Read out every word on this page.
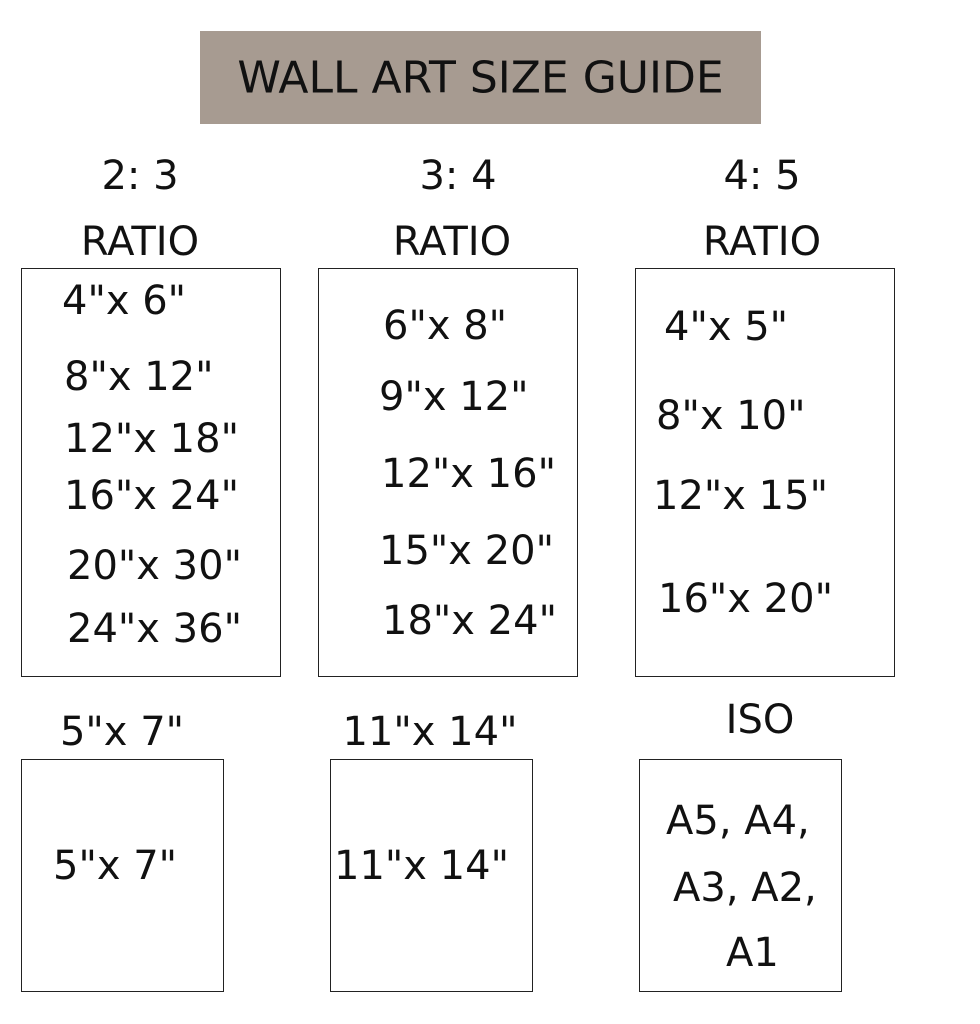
WALL ART SIZE GUIDE
2: 3
RATIO
4"x 6"
8"x 12"
12"x 18"
16"x 24"
20"x 30"
24"x 36"
3: 4
RATIO
6"x 8"
9"x 12"
12"x 16"
15"x 20"
18"x 24"
4: 5
RATIO
4"x 5"
8"x 10"
12"x 15"
16"x 20"
5"x 7"
5"x 7"
11"x 14"
11"x 14"
ISO
A5, A4,
A3, A2,
A1
